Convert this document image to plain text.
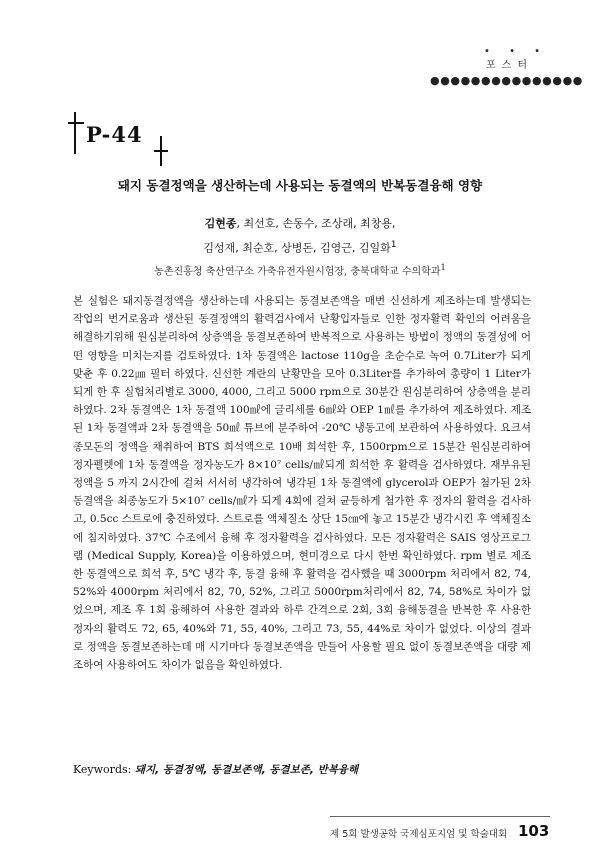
• • •
포스터
●●●●●●●●●●●●●●●
P-44
돼지 동결정액을 생산하는데 사용되는 동결액의 반복동결융해 영향
김현종, 최선호, 손동수, 조상래, 최창용,
김성재, 최순호, 상병돈, 김영근, 김일화$^1$
농촌진흥청 축산연구소 가축유전자원시험장, 충북대학교 수의학과$^1$
본 실험은 돼지동결정액을 생산하는데 사용되는 동결보존액을 매번 신선하게 제조하는데 발생되는 작업의 번거로움과 생산된 동결정액의 활력검사에서 난황입자들로 인한 정자활력 확인의 어려움을 해결하기위해 원심분리하여 상층액을 동결보존하여 반복적으로 사용하는 방법이 정액의 동결성에 어떤 영향을 미치는지를 검토하였다. 1차 동결액은 lactose 110g을 초순수로 녹여 0.7Liter가 되게 맞춘 후 0.22㎛ 필터 하였다. 신선한 계란의 난황만을 모아 0.3Liter를 추가하여 총량이 1 Liter가 되게 한 후 실험처리별로 3000, 4000, 그리고 5000 rpm으로 30분간 원심분리하여 상층액을 분리하였다. 2차 동결액은 1차 동결액 100㎖에 글리세롤 6㎖와 OEP 1㎖를 추가하여 제조하였다. 제조된 1차 동결액과 2차 동결액을 50㎖ 튜브에 분주하여 -20℃ 냉동고에 보관하여 사용하였다. 요크셔 종모돈의 정액을 채취하여 BTS 희석액으로 10배 희석한 후, 1500rpm으로 15분간 원심분리하여 정자펠렛에 1차 동결액을 정자농도가 8×10⁷ cells/㎖되게 희석한 후 활력을 검사하였다. 재부유된 정액을 5 까지 2시간에 걸쳐 서서히 냉각하여 냉각된 1차 동결액에 glycerol과 OEP가 첨가된 2차 동결액을 최종농도가 5×10⁷ cells/㎖가 되게 4회에 걸쳐 균등하게 첨가한 후 정자의 활력을 검사하고, 0.5cc 스트로에 충진하였다. 스트로를 액체질소 상단 15㎝에 놓고 15분간 냉각시킨 후 액체질소에 침지하였다. 37℃ 수조에서 융해 후 정자활력을 검사하였다. 모든 정자활력은 SAIS 영상프로그램 (Medical Supply, Korea)을 이용하였으며, 현미경으로 다시 한번 확인하였다. rpm 별로 제조한 동결액으로 희석 후, 5℃ 냉각 후, 동결 융해 후 활력을 검사했을 때 3000rpm 처리에서 82, 74, 52%와 4000rpm 처리에서 82, 70, 52%, 그리고 5000rpm처리에서 82, 74, 58%로 차이가 없었으며, 제조 후 1회 융해하여 사용한 결과와 하루 간격으로 2회, 3회 융해동결을 반복한 후 사용한 정자의 활력도 72, 65, 40%와 71, 55, 40%, 그리고 73, 55, 44%로 차이가 없었다. 이상의 결과로 정액을 동결보존하는데 매 시기마다 동결보존액을 만들어 사용할 필요 없이 동결보존액을 대량 제조하여 사용하여도 차이가 없음을 확인하였다.
Keywords: 돼지, 동결정액, 동결보존액, 동결보존, 반복융해
제 5회 발생공학 국제심포지엄 및 학술대회 103
